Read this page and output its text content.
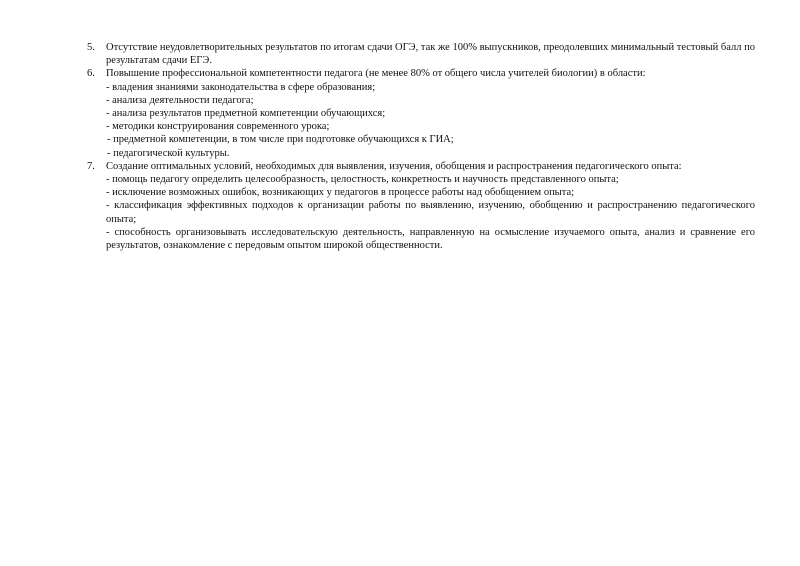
5.	Отсутствие неудовлетворительных результатов по итогам сдачи ОГЭ, так же 100% выпускников, преодолевших минимальный тестовый балл по результатам сдачи ЕГЭ.

6.	Повышение профессиональной компетентности педагога (не менее 80% от общего числа учителей биологии) в области:

- владения знаниями законодательства в сфере образования;

- анализа деятельности педагога;

- анализа результатов предметной компетенции обучающихся;

- методики конструирования современного урока;

- предметной компетенции, в том числе при подготовке обучающихся к ГИА;

- педагогической культуры.

7.	Создание оптимальных условий, необходимых для выявления, изучения, обобщения и распространения педагогического опыта:

- помощь педагогу определить целесообразность, целостность, конкретность и научность представленного опыта;

- исключение возможных ошибок, возникающих у педагогов в процессе работы над обобщением опыта;

- классификация эффективных подходов к организации работы по выявлению, изучению, обобщению и распространению педагогического опыта;

- способность организовывать исследовательскую деятельность, направленную на осмысление изучаемого опыта, анализ и сравнение его результатов, ознакомление с передовым опытом широкой общественности.
